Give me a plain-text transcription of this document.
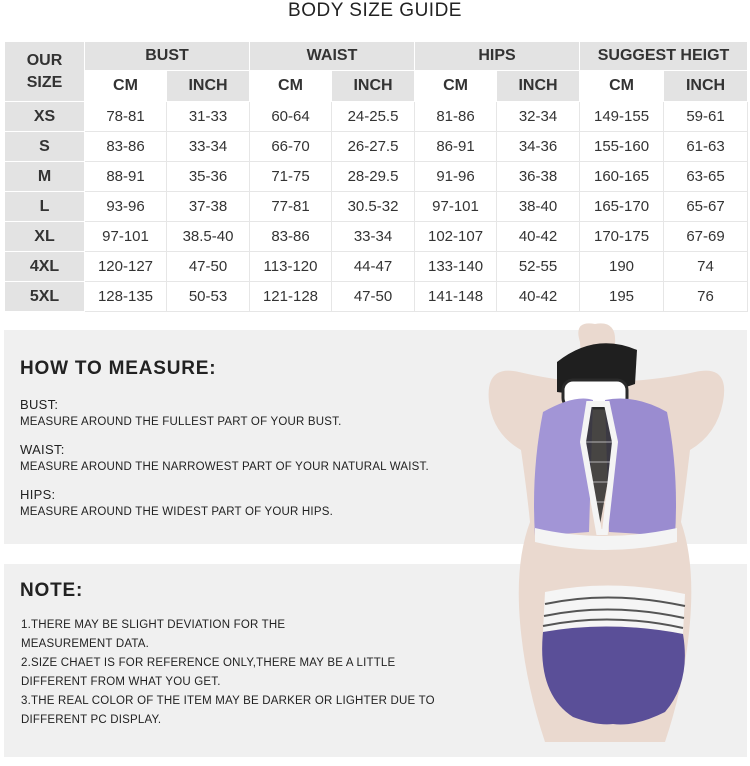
BODY SIZE GUIDE
OUR
SIZE	BUST		WAIST		HIPS		SUGGEST HEIGT	
	CM	INCH	CM	INCH	CM	INCH	CM	INCH
XS	78-81	31-33	60-64	24-25.5	81-86	32-34	149-155	59-61
S	83-86	33-34	66-70	26-27.5	86-91	34-36	155-160	61-63
M	88-91	35-36	71-75	28-29.5	91-96	36-38	160-165	63-65
L	93-96	37-38	77-81	30.5-32	97-101	38-40	165-170	65-67
XL	97-101	38.5-40	83-86	33-34	102-107	40-42	170-175	67-69
4XL	120-127	47-50	113-120	44-47	133-140	52-55	190	74
5XL	128-135	50-53	121-128	47-50	141-148	40-42	195	76
HOW TO MEASURE:
BUST:
MEASURE AROUND THE FULLEST PART OF YOUR BUST.
WAIST:
MEASURE AROUND THE NARROWEST PART OF YOUR NATURAL WAIST.
HIPS:
MEASURE AROUND THE WIDEST PART OF YOUR HIPS.
NOTE:
1.THERE MAY BE SLIGHT DEVIATION FOR THE
MEASUREMENT DATA.
2.SIZE CHAET IS FOR REFERENCE ONLY,THERE MAY BE A LITTLE
DIFFERENT FROM WHAT YOU GET.
3.THE REAL COLOR OF THE ITEM MAY BE DARKER OR LIGHTER DUE TO
DIFFERENT PC DISPLAY.
